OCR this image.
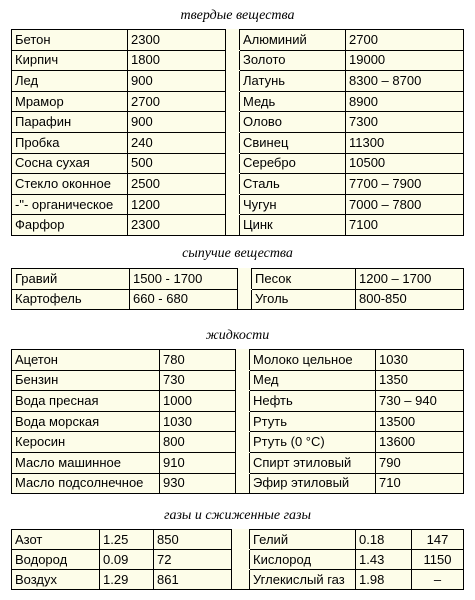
твердые вещества
Бетон	2300		Алюминий	2700
Кирпич	1800		Золото	19000
Лед	900		Латунь	8300 – 8700
Мрамор	2700		Медь	8900
Парафин	900		Олово	7300
Пробка	240		Свинец	11300
Сосна сухая	500		Серебро	10500
Стекло оконное	2500		Сталь	7700 – 7900
-"- органическое	1200		Чугун	7000 – 7800
Фарфор	2300		Цинк	7100
сыпучие вещества
Гравий	1500 - 1700		Песок	1200 – 1700
Картофель	660 - 680		Уголь	800-850
жидкости
Ацетон	780		Молоко цельное	1030
Бензин	730		Мед	1350
Вода пресная	1000		Нефть	730 – 940
Вода морская	1030		Ртуть	13500
Керосин	800		Ртуть (0 °С)	13600
Масло машинное	910		Спирт этиловый	790
Масло подсолнечное	930		Эфир этиловый	710
газы и сжиженные газы
Азот	1.25	850		Гелий	0.18	147
Водород	0.09	72		Кислород	1.43	1150
Воздух	1.29	861		Углекислый газ	1.98	–
